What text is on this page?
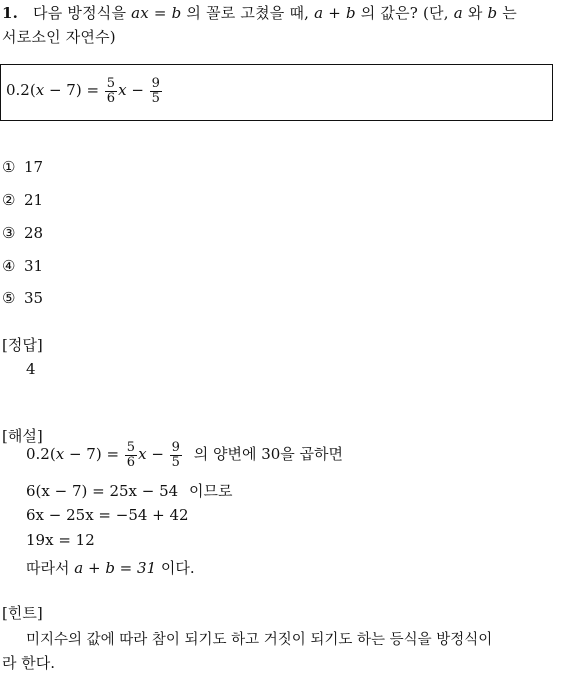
1. 다음 방정식을 ax = b 의 꼴로 고쳤을 때, a + b 의 값은? (단, a 와 b 는
서로소인 자연수)
$0.2(x - 7) = \frac{5}{6}$ $x - \frac{9}{5}$
① 17
② 21
③ 28
④ 31
⑤ 35
[정답]
4
[해설]
$0.2(x - 7) = \frac{5}{6}$ $x - \frac{9}{5}$ 의 양변에 30을 곱하면
6(x − 7) = 25x − 54 이므로
6x − 25x = −54 + 42
19x = 12
따라서 a + b = 31 이다.
[힌트]
미지수의 값에 따라 참이 되기도 하고 거짓이 되기도 하는 등식을 방정식이
라 한다.
